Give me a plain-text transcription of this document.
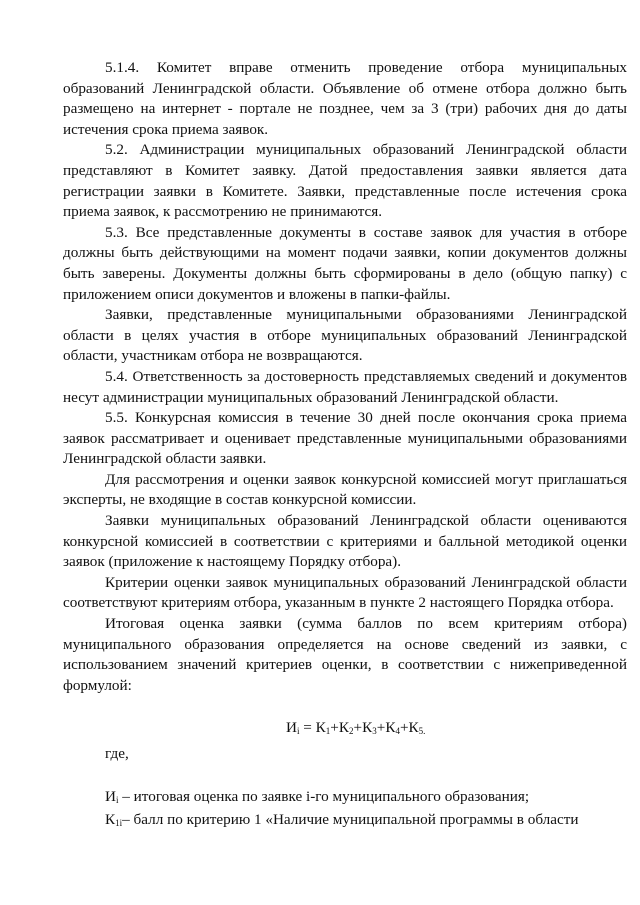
5.1.4. Комитет вправе отменить проведение отбора муниципальных образований Ленинградской области. Объявление об отмене отбора должно быть размещено на интернет - портале не позднее, чем за 3 (три) рабочих дня до даты истечения срока приема заявок.

5.2. Администрации муниципальных образований Ленинградской области представляют в Комитет заявку. Датой предоставления заявки является дата регистрации заявки в Комитете. Заявки, представленные после истечения срока приема заявок, к рассмотрению не принимаются.

5.3. Все представленные документы в составе заявок для участия в отборе должны быть действующими на момент подачи заявки, копии документов должны быть заверены. Документы должны быть сформированы в дело (общую папку) с приложением описи документов и вложены в папки-файлы.

Заявки, представленные муниципальными образованиями Ленинградской области в целях участия в отборе муниципальных образований Ленинградской области, участникам отбора не возвращаются.

5.4. Ответственность за достоверность представляемых сведений и документов несут администрации муниципальных образований Ленинградской области.

5.5. Конкурсная комиссия в течение 30 дней после окончания срока приема заявок рассматривает и оценивает представленные муниципальными образованиями Ленинградской области заявки.

Для рассмотрения и оценки заявок конкурсной комиссией могут приглашаться эксперты, не входящие в состав конкурсной комиссии.

Заявки муниципальных образований Ленинградской области оцениваются конкурсной комиссией в соответствии с критериями и балльной методикой оценки заявок (приложение к настоящему Порядку отбора).

Критерии оценки заявок муниципальных образований Ленинградской области соответствуют критериям отбора, указанным в пункте 2 настоящего Порядка отбора.

Итоговая оценка заявки (сумма баллов по всем критериям отбора) муниципального образования определяется на основе сведений из заявки, с использованием значений критериев оценки, в соответствии с нижеприведенной формулой:

$И_i = К_1+К_2+К_3+К_4+К_{5.}$

где,

$И_i$ – итоговая оценка по заявке i-го муниципального образования;

$К_{1i}-$ балл по критерию 1 «Наличие муниципальной программы в области
